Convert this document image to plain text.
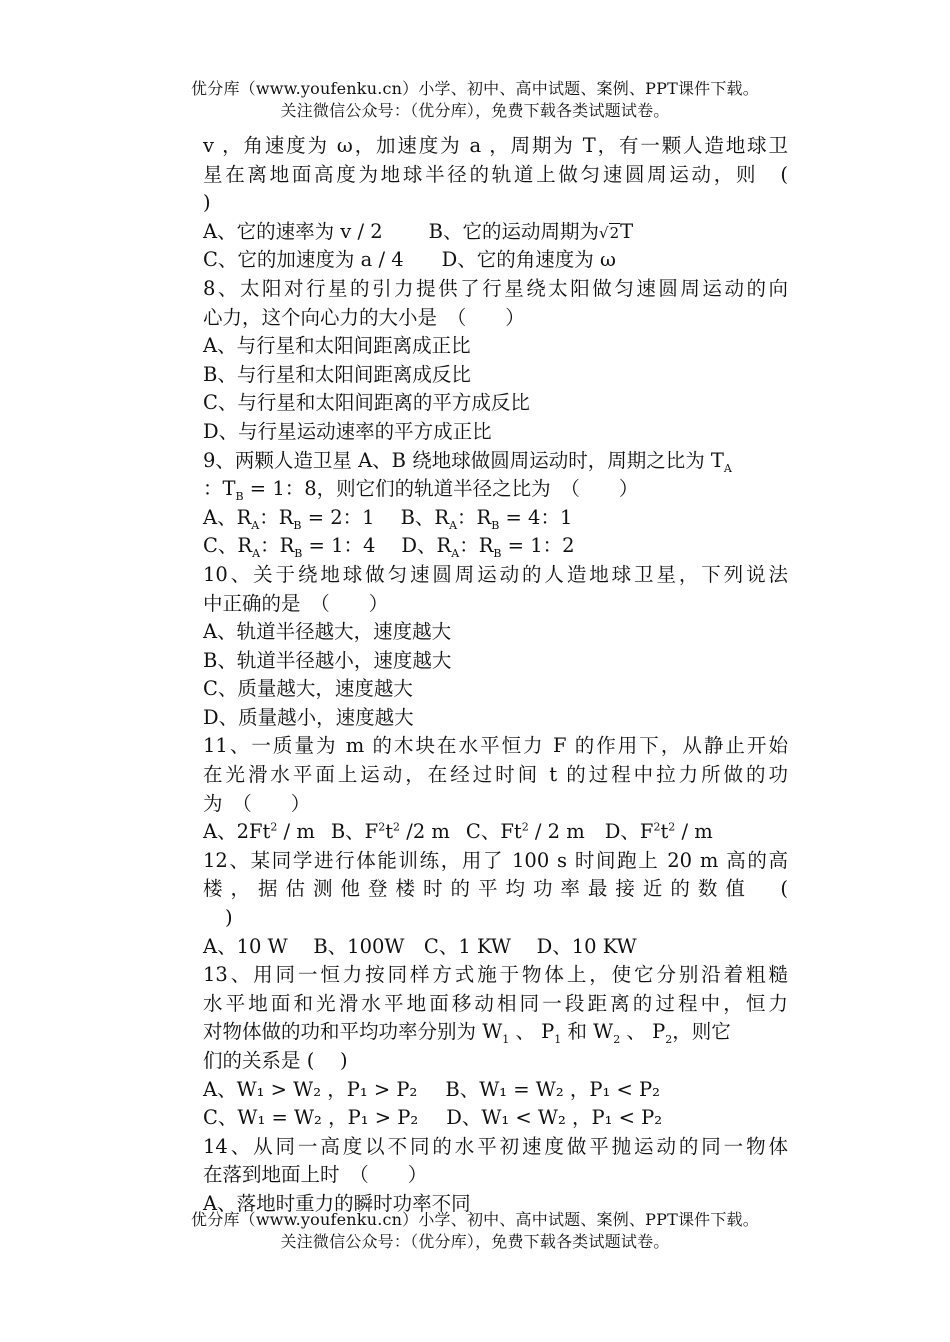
优分库（www.youfenku.cn）小学、初中、高中试题、案例、PPT课件下载。
关注微信公众号：（优分库），免费下载各类试题试卷。
v ，角速度为 ω，加速度为 a ，周期为 T，有一颗人造地球卫
星在离地面高度为地球半径的轨道上做匀速圆周运动，则　(
)
A、它的速率为 v / 2 B、它的运动周期为√2T
C、它的加速度为 a / 4 D、它的角速度为 ω
8、太阳对行星的引力提供了行星绕太阳做匀速圆周运动的向
心力，这个向心力的大小是　（　　）
A、与行星和太阳间距离成正比
B、与行星和太阳间距离成反比
C、与行星和太阳间距离的平方成反比
D、与行星运动速率的平方成正比
9、两颗人造卫星 A、B 绕地球做圆周运动时，周期之比为 $T_A$
：$T_B = 1$：8，则它们的轨道半径之比为　（　　）
A、$R_A$：$R_B = 2$：1 B、$R_A$：$R_B = 4$：1
C、$R_A$：$R_B = 1$：4 D、$R_A$：$R_B = 1$：2
10、关于绕地球做匀速圆周运动的人造地球卫星，下列说法
中正确的是　（　　）
A、轨道半径越大，速度越大
B、轨道半径越小，速度越大
C、质量越大，速度越大
D、质量越小，速度越大
11、一质量为 m 的木块在水平恒力 F 的作用下，从静止开始
在光滑水平面上运动，在经过时间 t 的过程中拉力所做的功
为　（　　）
A、2Ft$^2$ / m B、$F^2t^2$ /2 m C、Ft$^2$ / 2 m D、$F^2t^2$ / m
12、某同学进行体能训练，用了 100 s 时间跑上 20 m 高的高
楼，据估测他登楼时的平均功率最接近的数值　(
)
A、10 W　 B、100W　C、1 KW　 D、10 KW
13、用同一恒力按同样方式施于物体上，使它分别沿着粗糙
水平地面和光滑水平地面移动相同一段距离的过程中，恒力
对物体做的功和平均功率分别为 $W_1$ 、 $P_1$ 和 $W_2$ 、 $P_2$，则它
们的关系是 (　 )
A、W₁ > W₂ ，P₁ > P₂ B、W₁ = W₂ ，P₁ < P₂
C、W₁ = W₂ ，P₁ > P₂ D、W₁ < W₂ ，P₁ < P₂
14、从同一高度以不同的水平初速度做平抛运动的同一物体
在落到地面上时　（　　）
A、落地时重力的瞬时功率不同
优分库（www.youfenku.cn）小学、初中、高中试题、案例、PPT课件下载。
关注微信公众号：（优分库），免费下载各类试题试卷。
